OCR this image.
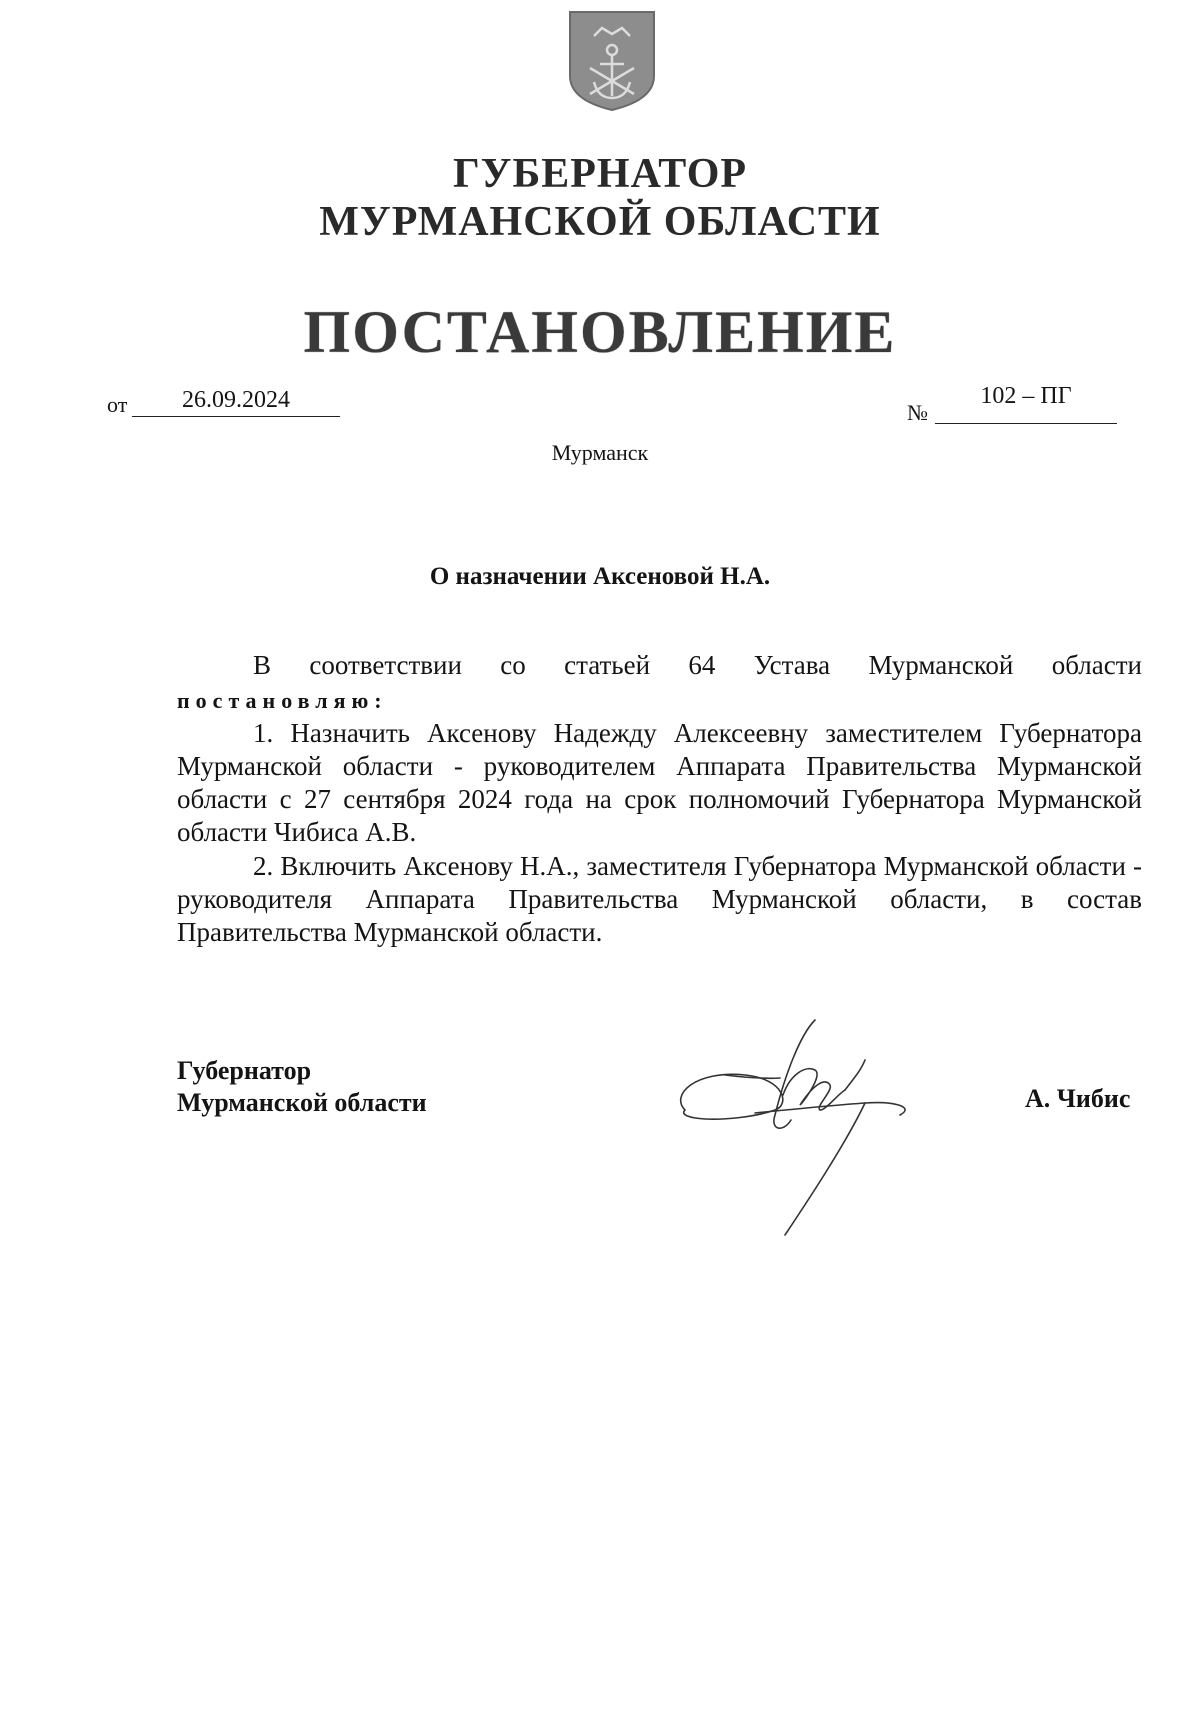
ГУБЕРНАТОР
МУРМАНСКОЙ ОБЛАСТИ
ПОСТАНОВЛЕНИЕ
от	26.09.2024	№
102 – ПГ
Мурманск
О назначении Аксеновой Н.А.
В соответствии со статьей 64 Устава Мурманской области
постановляю:
1. Назначить Аксенову Надежду Алексеевну заместителем Губернатора Мурманской области - руководителем Аппарата Правительства Мурманской области с 27 сентября 2024 года на срок полномочий Губернатора Мурманской области Чибиса А.В.
2. Включить Аксенову Н.А., заместителя Губернатора Мурманской области - руководителя Аппарата Правительства Мурманской области, в состав Правительства Мурманской области.
Губернатор
Мурманской области	А. Чибис
